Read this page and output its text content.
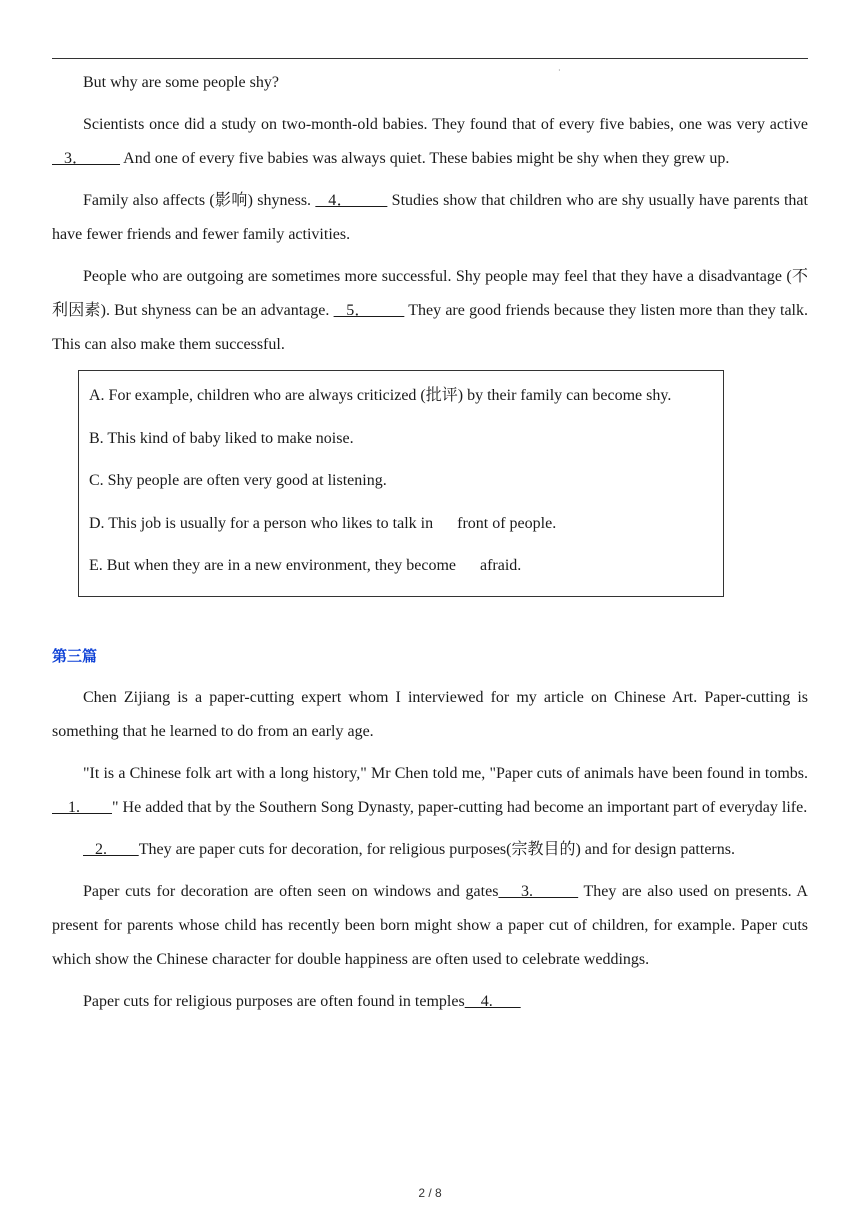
·

But why are some people shy?

Scientists once did a study on two-month-old babies. They found that of every five babies, one was very active   3．         And one of every five babies was always quiet. These babies might be shy when they grew up.

Family also affects (影响) shyness.    4．         Studies show that children who are shy usually have parents that have fewer friends and fewer family activities.

People who are outgoing are sometimes more successful. Shy people may feel that they have a disadvantage (不利因素). But shyness can be an advantage.    5．         They are good friends because they listen more than they talk. This can also make them successful.

A. For example, children who are always criticized (批评) by their family can become shy.

B. This kind of baby liked to make noise.

C. Shy people are often very good at listening.

D. This job is usually for a person who likes to talk in      front of people.

E. But when they are in a new environment, they become      afraid.

第三篇

Chen Zijiang is a paper-cutting expert whom I interviewed for my article on Chinese Art. Paper-cutting is something that he learned to do from an early age.

"It is a Chinese folk art with a long history," Mr Chen told me, "Paper cuts of animals have been found in tombs.    1.        " He added that by the Southern Song Dynasty, paper-cutting had become an important part of everyday life.

2.        They are paper cuts for decoration, for religious purposes(宗教目的) and for design patterns.

Paper cuts for decoration are often seen on windows and gates    3.         They are also used on presents. A present for parents whose child has recently been born might show a paper cut of children, for example. Paper cuts which show the Chinese character for double happiness are often used to celebrate weddings.

Paper cuts for religious purposes are often found in temples    4.

2 / 8
